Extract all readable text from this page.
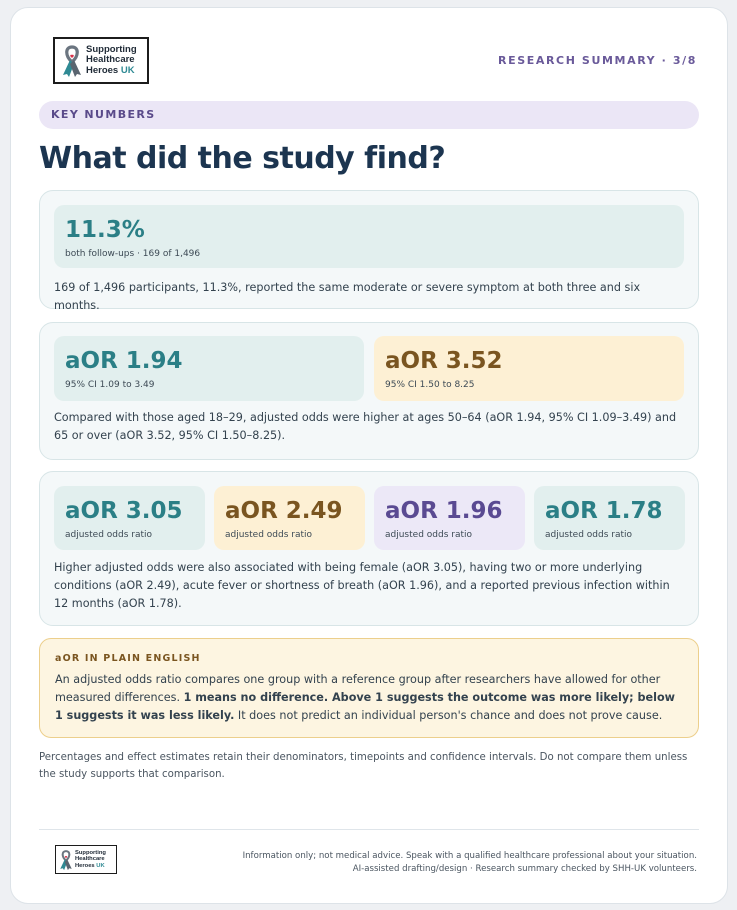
Supporting
Healthcare
Heroes UK
RESEARCH SUMMARY · 3/8
KEY NUMBERS
What did the study find?
11.3%
both follow-ups · 169 of 1,496
169 of 1,496 participants, 11.3%, reported the same moderate or severe symptom at both three and six months.
aOR 1.94
95% CI 1.09 to 3.49
aOR 3.52
95% CI 1.50 to 8.25
Compared with those aged 18–29, adjusted odds were higher at ages 50–64 (aOR 1.94, 95% CI 1.09–3.49) and 65 or over (aOR 3.52, 95% CI 1.50–8.25).
aOR 3.05
adjusted odds ratio
aOR 2.49
adjusted odds ratio
aOR 1.96
adjusted odds ratio
aOR 1.78
adjusted odds ratio
Higher adjusted odds were also associated with being female (aOR 3.05), having two or more underlying conditions (aOR 2.49), acute fever or shortness of breath (aOR 1.96), and a reported previous infection within 12 months (aOR 1.78).
aOR IN PLAIN ENGLISH
An adjusted odds ratio compares one group with a reference group after researchers have allowed for other measured differences. 1 means no difference. Above 1 suggests the outcome was more likely; below 1 suggests it was less likely. It does not predict an individual person's chance and does not prove cause.
Percentages and effect estimates retain their denominators, timepoints and confidence intervals. Do not compare them unless the study supports that comparison.
Supporting
Healthcare
Heroes UK
Information only; not medical advice. Speak with a qualified healthcare professional about your situation.
AI-assisted drafting/design · Research summary checked by SHH-UK volunteers.
